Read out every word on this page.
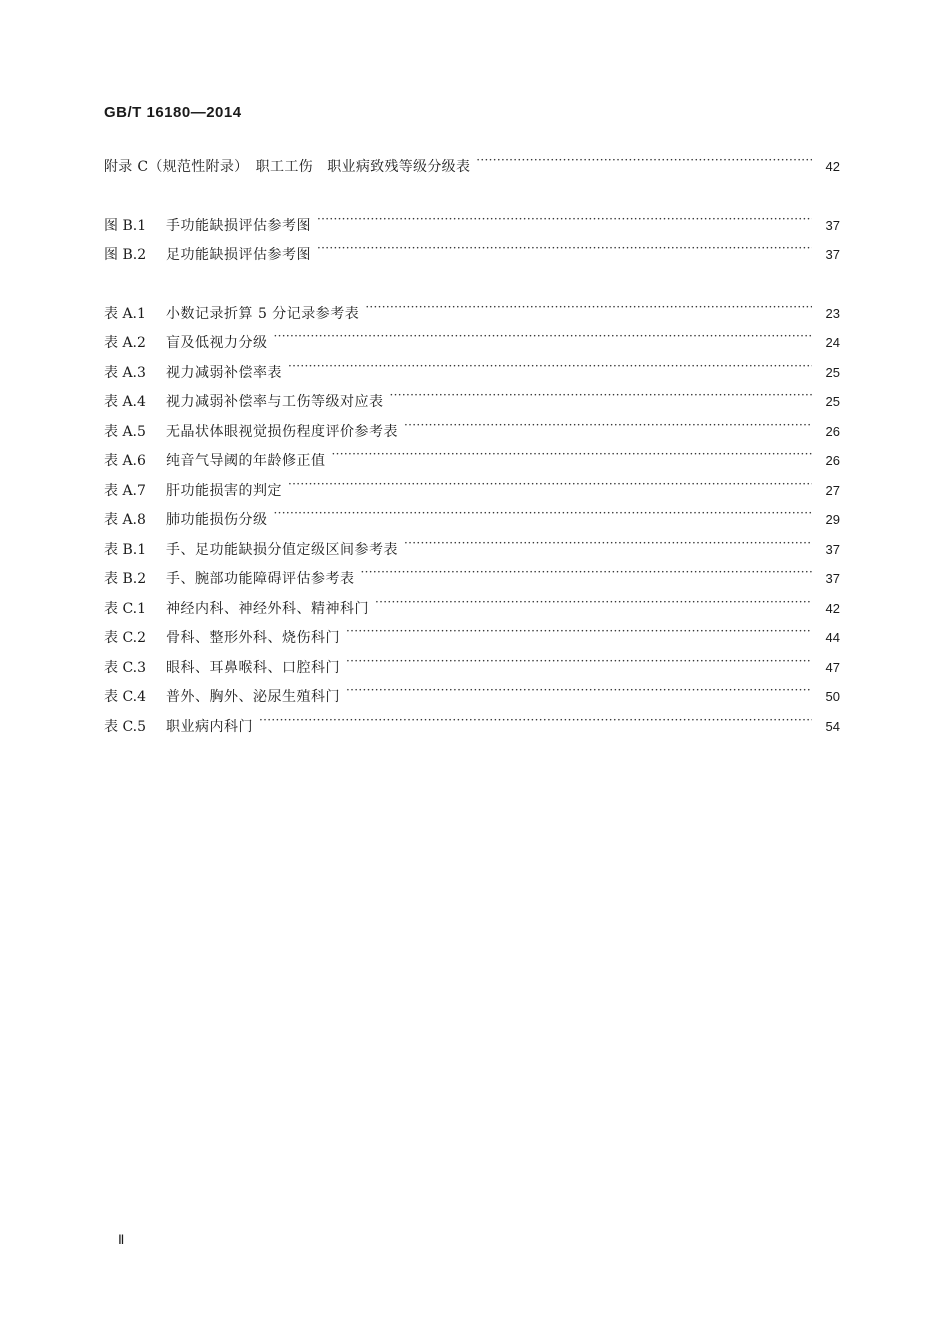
GB/T 16180—2014
附录 C（规范性附录）　职工工伤　职业病致残等级分级表 ·····	42
图 B.1	手功能缺损评估参考图 ·····	37
图 B.2	足功能缺损评估参考图 ·····	37
表 A.1	小数记录折算 5 分记录参考表 ·····	23
表 A.2	盲及低视力分级 ·····	24
表 A.3	视力减弱补偿率表 ·····	25
表 A.4	视力减弱补偿率与工伤等级对应表 ·····	25
表 A.5	无晶状体眼视觉损伤程度评价参考表 ·····	26
表 A.6	纯音气导阈的年龄修正值 ·····	26
表 A.7	肝功能损害的判定 ·····	27
表 A.8	肺功能损伤分级 ·····	29
表 B.1	手、足功能缺损分值定级区间参考表 ·····	37
表 B.2	手、腕部功能障碍评估参考表 ·····	37
表 C.1	神经内科、神经外科、精神科门 ·····	42
表 C.2	骨科、整形外科、烧伤科门 ·····	44
表 C.3	眼科、耳鼻喉科、口腔科门 ·····	47
表 C.4	普外、胸外、泌尿生殖科门 ·····	50
表 C.5	职业病内科门 ·····	54
Ⅱ
